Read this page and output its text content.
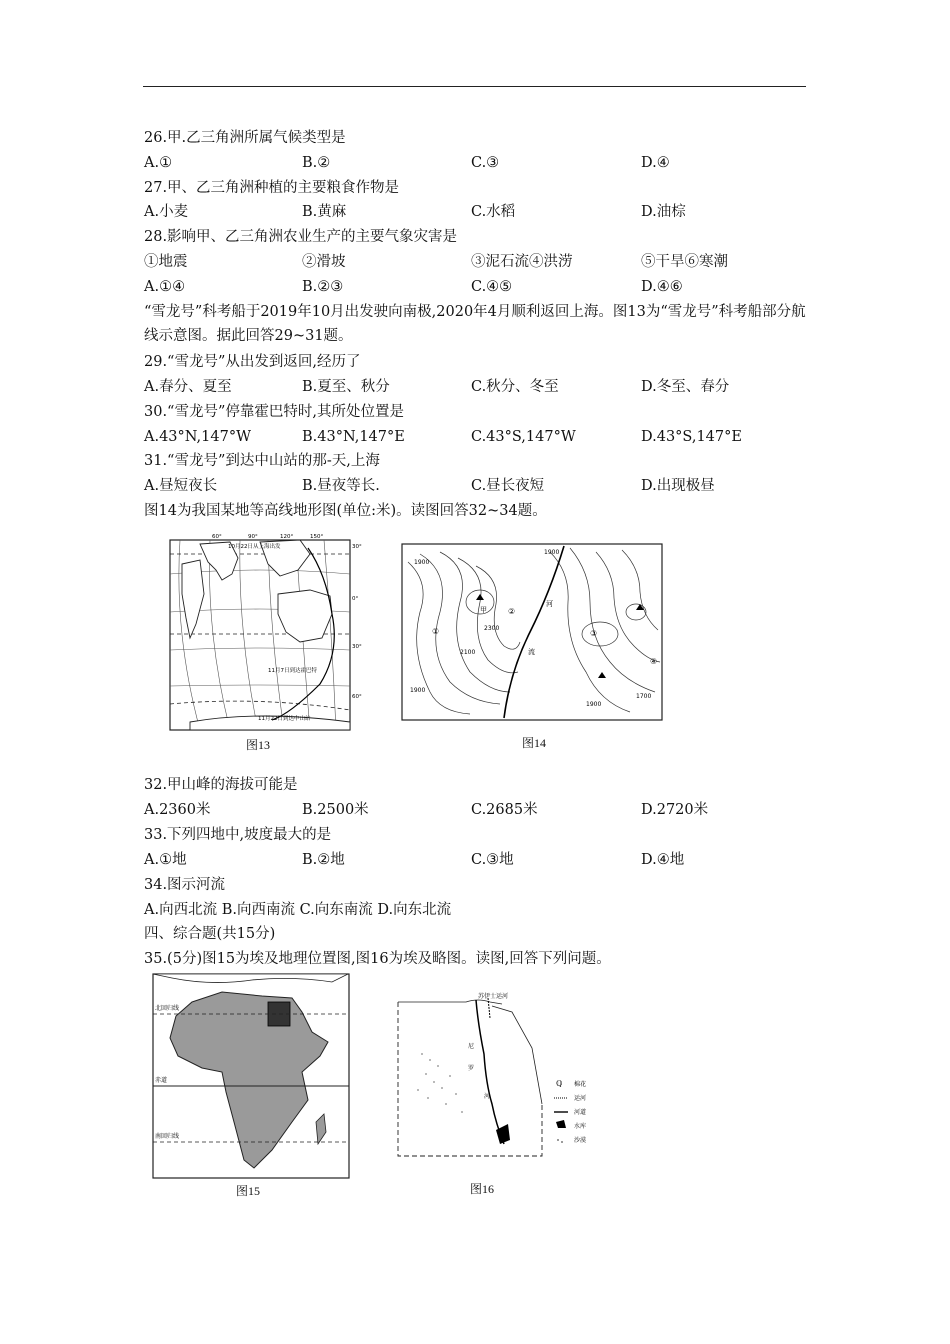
26.甲.乙三角洲所属气候类型是
A.①	B.②	C.③	D.④
27.甲、乙三角洲种植的主要粮食作物是
A.小麦	B.黄麻	C.水稻	D.油棕
28.影响甲、乙三角洲农业生产的主要气象灾害是
①地震	②滑坡	③泥石流④洪涝	⑤干旱⑥寒潮
A.①④	B.②③	C.④⑤	D.④⑥
“雪龙号”科考船于2019年10月出发驶向南极,2020年4月顺利返回上海。图13为“雪龙号”科考船部分航线示意图。据此回答29~31题。
29.“雪龙号”从出发到返回,经历了
A.春分、夏至	B.夏至、秋分	C.秋分、冬至	D.冬至、春分
30.“雪龙号”停靠霍巴特时,其所处位置是
A.43°N,147°W	B.43°N,147°E	C.43°S,147°W	D.43°S,147°E
31.“雪龙号”到达中山站的那-天,上海
A.昼短夜长	B.昼夜等长.	C.昼长夜短	D.出现极昼
图14为我国某地等高线地形图(单位:米)。读图回答32~34题。
10月22日从上海出发
11月7日到达霍巴特
11月22日到达中山站
60°	90°	120°	150°
30°
0°
30°
60°
图13
1900
1900
2300
2100
1900
1900
1700
①
②
③
④
甲
河
流
图14
32.甲山峰的海拔可能是
A.2360米	B.2500米	C.2685米	D.2720米
33.下列四地中,坡度最大的是
A.①地	B.②地	C.③地	D.④地
34.图示河流
A.向西北流 B.向西南流 C.向东南流 D.向东北流
四、综合题(共15分)
35.(5分)图15为埃及地理位置图,图16为埃及略图。读图,回答下列问题。
北回归线
赤道
南回归线
图15
苏伊士运河
尼
罗
河
ℚ 棉花
运河
河道
水库
沙漠
图16
